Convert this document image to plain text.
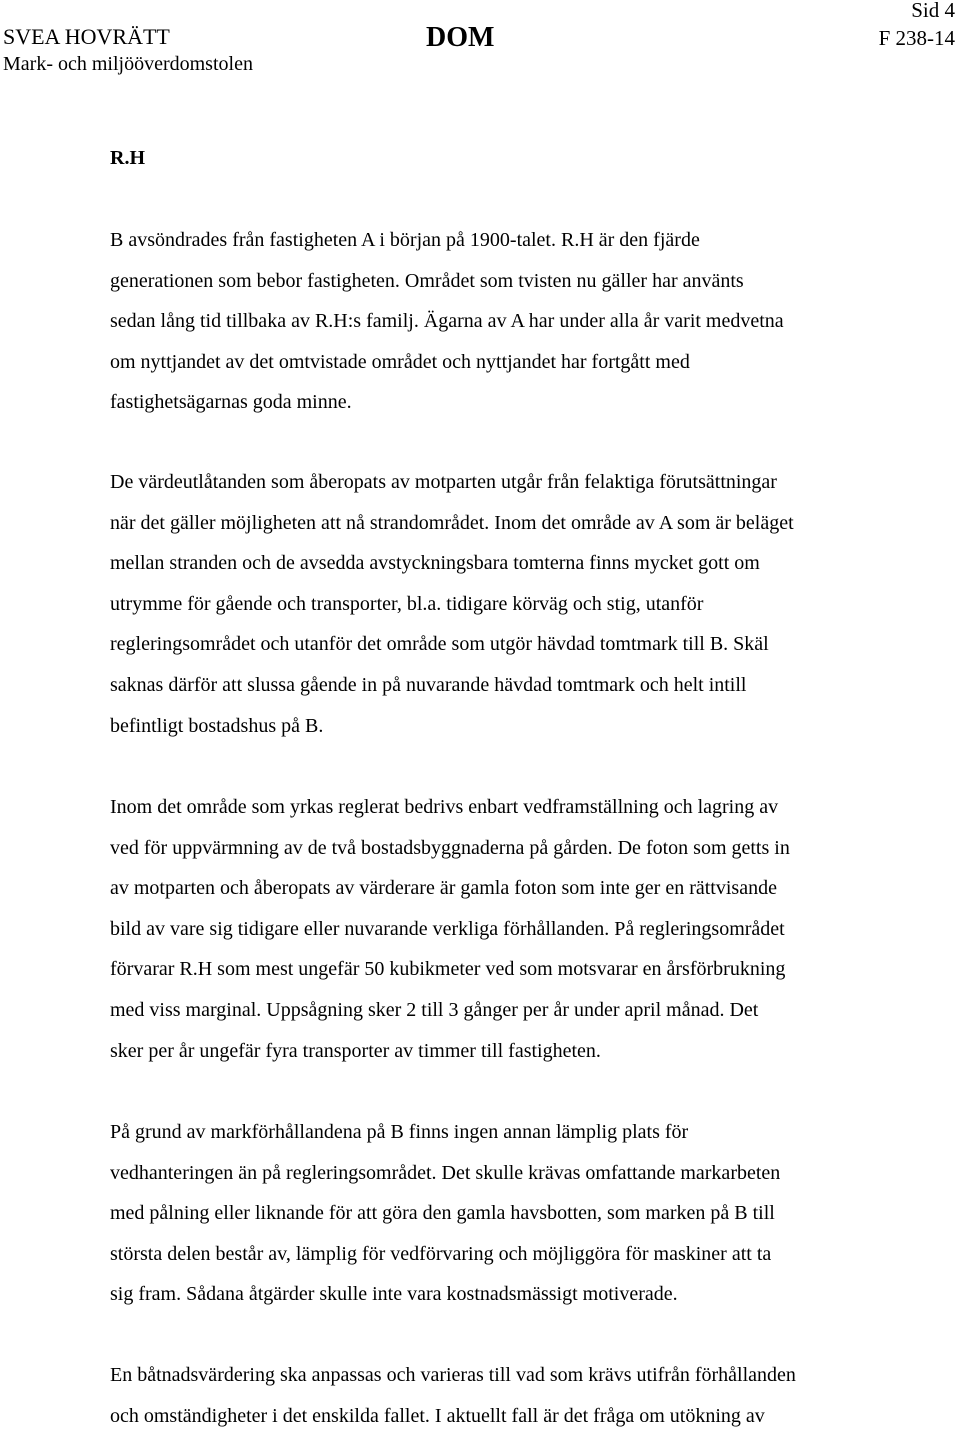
SVEA HOVRÄTT
Mark- och miljööverdomstolen
DOM
Sid 4
F 238-14
R.H
B avsöndrades från fastigheten A i början på 1900-talet. R.H är den fjärde
generationen som bebor fastigheten. Området som tvisten nu gäller har använts
sedan lång tid tillbaka av R.H:s familj. Ägarna av A har under alla år varit medvetna
om nyttjandet av det omtvistade området och nyttjandet har fortgått med
fastighetsägarnas goda minne.
De värdeutlåtanden som åberopats av motparten utgår från felaktiga förutsättningar
när det gäller möjligheten att nå strandområdet. Inom det område av A som är beläget
mellan stranden och de avsedda avstyckningsbara tomterna finns mycket gott om
utrymme för gående och transporter, bl.a. tidigare körväg och stig, utanför
regleringsområdet och utanför det område som utgör hävdad tomtmark till B. Skäl
saknas därför att slussa gående in på nuvarande hävdad tomtmark och helt intill
befintligt bostadshus på B.
Inom det område som yrkas reglerat bedrivs enbart vedframställning och lagring av
ved för uppvärmning av de två bostadsbyggnaderna på gården. De foton som getts in
av motparten och åberopats av värderare är gamla foton som inte ger en rättvisande
bild av vare sig tidigare eller nuvarande verkliga förhållanden. På regleringsområdet
förvarar R.H som mest ungefär 50 kubikmeter ved som motsvarar en årsförbrukning
med viss marginal. Uppsågning sker 2 till 3 gånger per år under april månad. Det
sker per år ungefär fyra transporter av timmer till fastigheten.
På grund av markförhållandena på B finns ingen annan lämplig plats för
vedhanteringen än på regleringsområdet. Det skulle krävas omfattande markarbeten
med pålning eller liknande för att göra den gamla havsbotten, som marken på B till
största delen består av, lämplig för vedförvaring och möjliggöra för maskiner att ta
sig fram. Sådana åtgärder skulle inte vara kostnadsmässigt motiverade.
En båtnadsvärdering ska anpassas och varieras till vad som krävs utifrån förhållanden
och omständigheter i det enskilda fallet. I aktuellt fall är det fråga om utökning av
